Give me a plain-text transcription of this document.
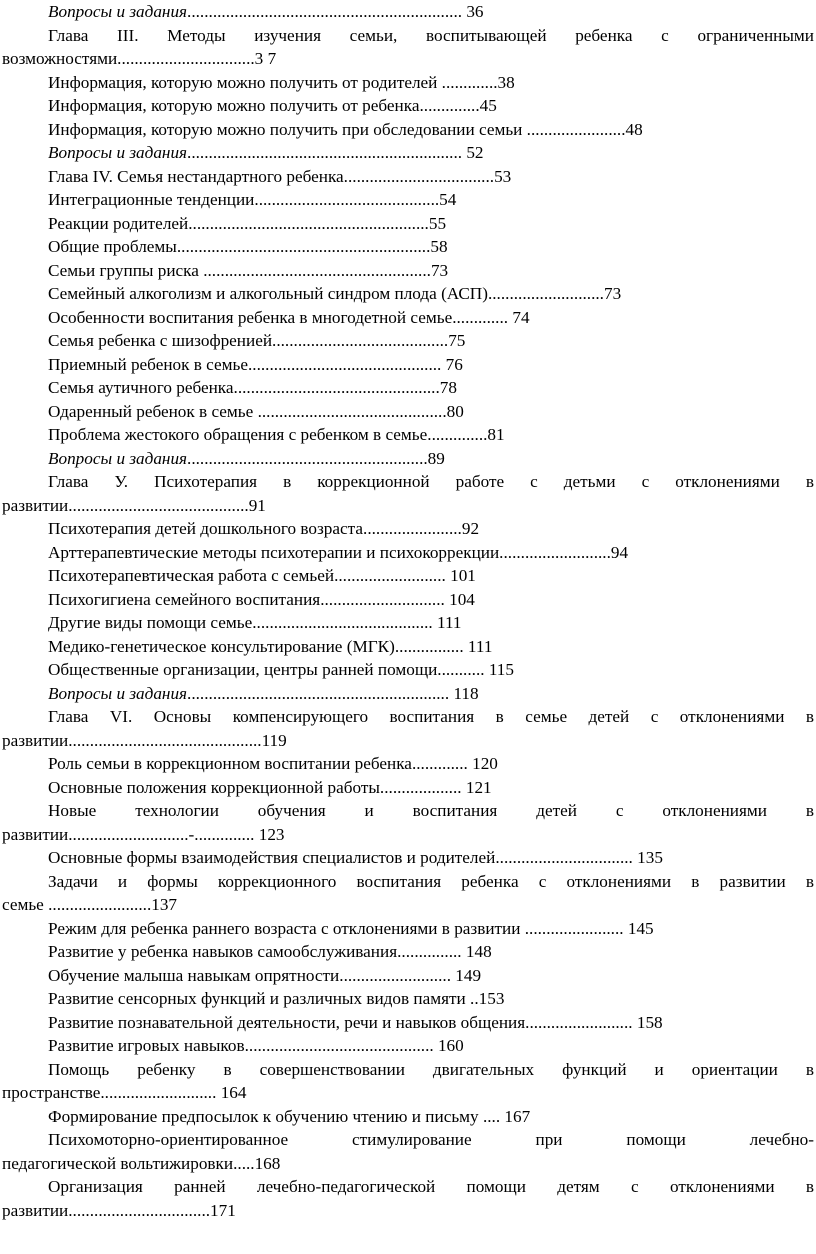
Вопросы и задания................................................................ 36
Глава III. Методы изучения семьи, воспитывающей ребенка с ограниченными
возможностями................................3 7
Информация, которую можно получить от родителей .............38
Информация, которую можно получить от ребенка..............45
Информация, которую можно получить при обследовании семьи .......................48
Вопросы и задания................................................................ 52
Глава IV. Семья нестандартного ребенка...................................53
Интеграционные тенденции...........................................54
Реакции родителей........................................................55
Общие проблемы...........................................................58
Семьи группы риска .....................................................73
Семейный алкоголизм и алкогольный синдром плода (АСП)...........................73
Особенности воспитания ребенка в многодетной семье............. 74
Семья ребенка с шизофренией.........................................75
Приемный ребенок в семье............................................. 76
Семья аутичного ребенка................................................78
Одаренный ребенок в семье ............................................80
Проблема жестокого обращения с ребенком в семье..............81
Вопросы и задания........................................................89
Глава У. Психотерапия в коррекционной работе с детьми с отклонениями в
развитии..........................................91
Психотерапия детей дошкольного возраста.......................92
Арттерапевтические методы психотерапии и психокоррекции..........................94
Психотерапевтическая работа с семьей.......................... 101
Психогигиена семейного воспитания............................. 104
Другие виды помощи семье.......................................... 111
Медико-генетическое консультирование (МГК)................ 111
Общественные организации, центры ранней помощи........... 115
Вопросы и задания............................................................. 118
Глава VI. Основы компенсирующего воспитания в семье детей с отклонениями в
развитии.............................................119
Роль семьи в коррекционном воспитании ребенка............. 120
Основные положения коррекционной работы................... 121
Новые технологии обучения и воспитания детей с отклонениями в
развитии............................-.............. 123
Основные формы взаимодействия специалистов и родителей................................ 135
Задачи и формы коррекционного воспитания ребенка с отклонениями в развитии в
семье ........................137
Режим для ребенка раннего возраста с отклонениями в развитии ....................... 145
Развитие у ребенка навыков самообслуживания............... 148
Обучение малыша навыкам опрятности.......................... 149
Развитие сенсорных функций и различных видов памяти ..153
Развитие познавательной деятельности, речи и навыков общения......................... 158
Развитие игровых навыков............................................ 160
Помощь ребенку в совершенствовании двигательных функций и ориентации в
пространстве........................... 164
Формирование предпосылок к обучению чтению и письму .... 167
Психомоторно-ориентированное стимулирование при помощи лечебно-
педагогической вольтижировки.....168
Организация ранней лечебно-педагогической помощи детям с отклонениями в
развитии.................................171
